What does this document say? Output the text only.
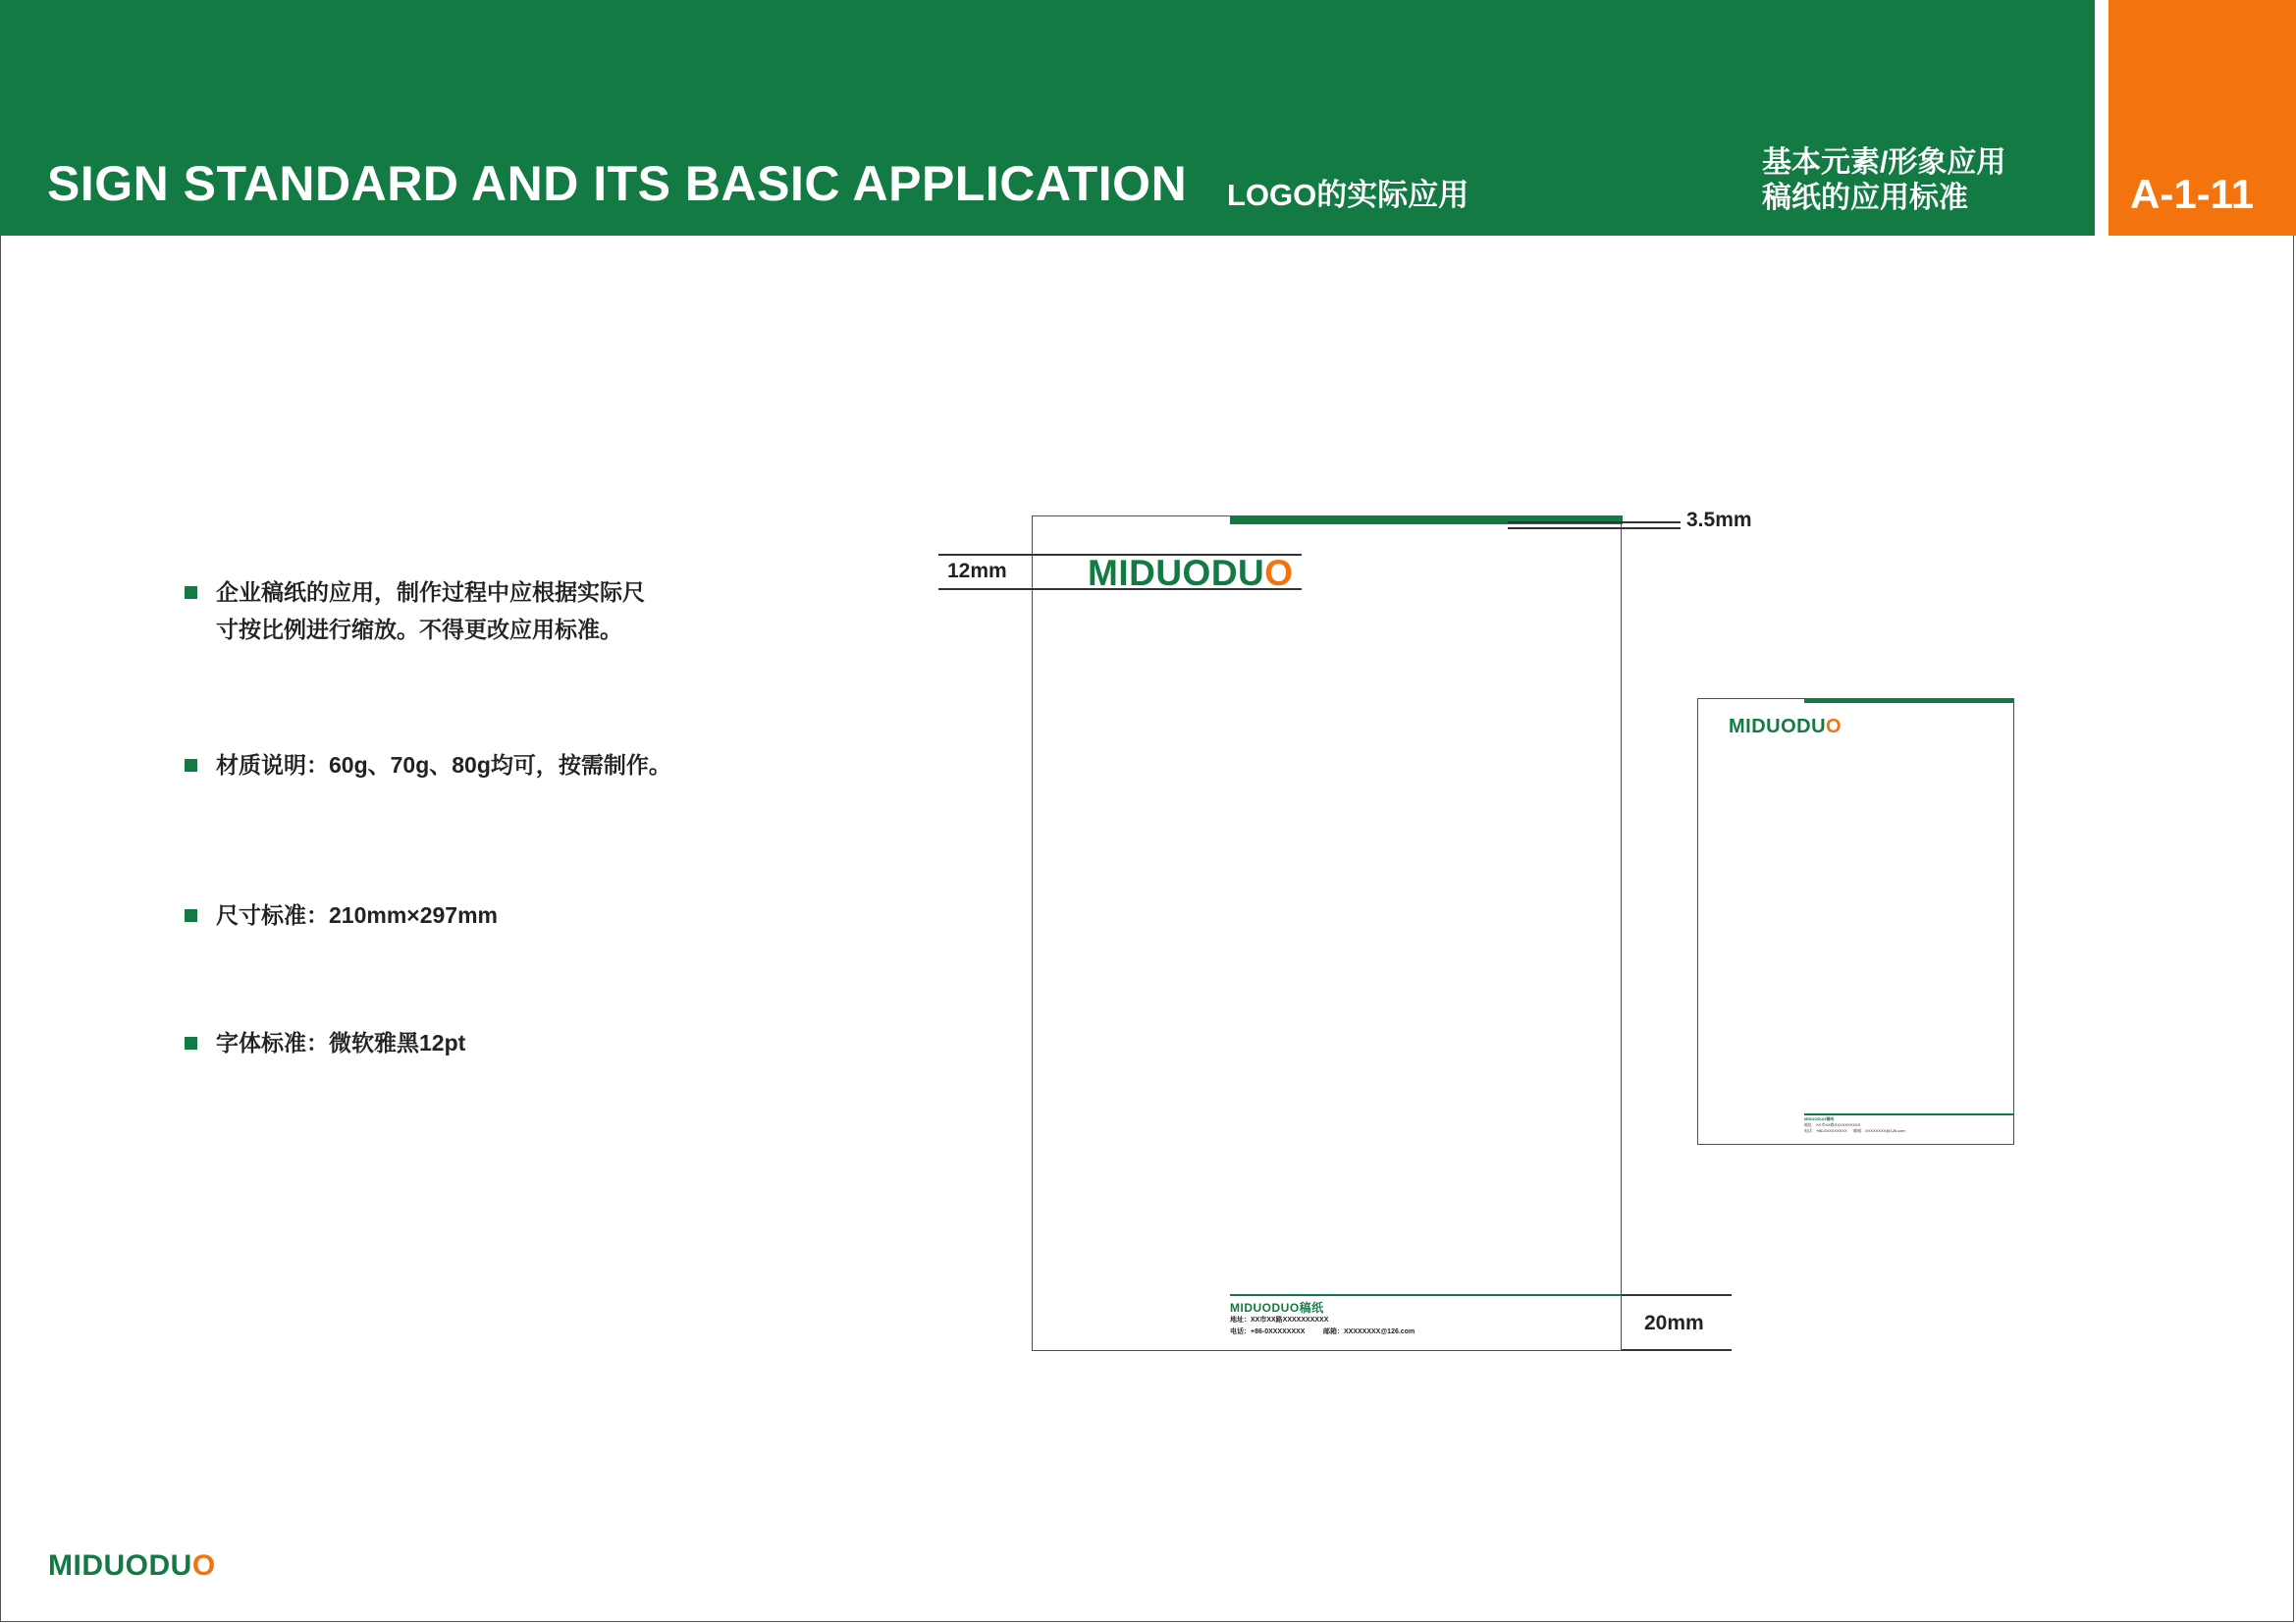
SIGN STANDARD AND ITS BASIC APPLICATION LOGO的实际应用
基本元素/形象应用
稿纸的应用标准	A-1-11
企业稿纸的应用，制作过程中应根据实际尺
寸按比例进行缩放。不得更改应用标准。
材质说明：60g、70g、80g均可，按需制作。
尺寸标准：210mm×297mm
字体标准：微软雅黑12pt
3.5mm
12mm MIDUODUO
20mm
MIDUODUO稿纸
地址：XX市XX路XXXXXXXXXX
电话：+86-0XXXXXXXX	邮箱：XXXXXXXX@126.com
MIDUODUO
MIDUODUO稿纸
地址：XX市XX路XXXXXXXXXX
电话：+86-0XXXXXXXX 邮箱：XXXXXXXX@126.com
MIDUODUO
